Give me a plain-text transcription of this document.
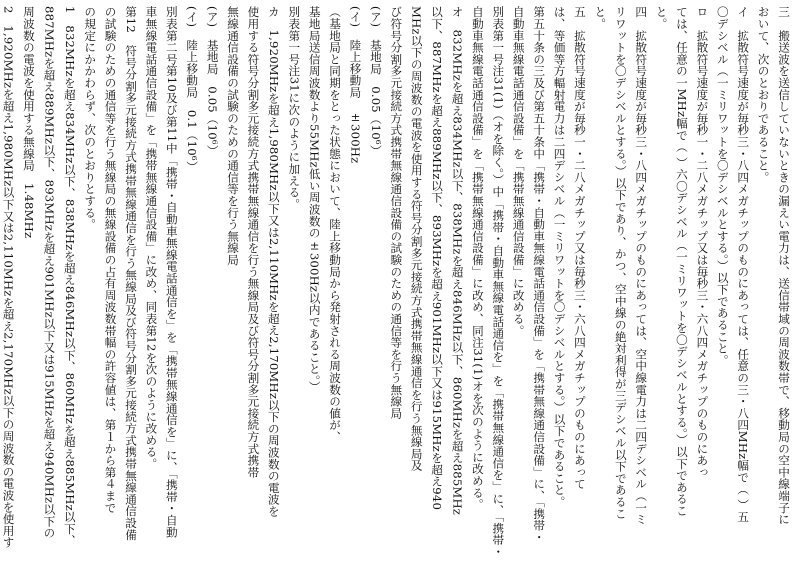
三　搬送波を送信していないときの漏えい電力は、送信帯域の周波数帯で、移動局の空中線端子に
おいて、次のとおりであること。
イ　拡散符号速度が毎秒三・八四メガチップのものにあっては、任意の三・八四MHz幅で（ ）五
〇デシベル（一ミリワットを〇デシベルとする。）以下であること。
ロ　拡散符号速度が毎秒一・二八メガチップ又は毎秒三・六八四メガチップのものにあっ
ては、任意の一MHz幅で（ ）六〇デシベル（一ミリワットを〇デシベルとする。）以下であるこ
と。
四　拡散符号速度が毎秒三・八四メガチップのものにあっては、空中線電力は二四デシベル（一ミ
リワットを〇デシベルとする。）以下であり、かつ、空中線の絶対利得が三デシベル以下であるこ
と。
五　拡散符号速度が毎秒一・二八メガチップ又は毎秒三・六八四メガチップのものにあって
は、等価等方輻射電力は二四デシベル（一ミリワットを〇デシベルとする。）以下であること。
第五十条の三及び第五十条中「携帯・自動車無線電話通信設備」を「携帯無線通信設備」に、「携帯・
自動車無線電話通信設備」を「携帯無線通信設備」に改める。
別表第一号注31(1)（オを除く。）中「携帯・自動車無線電話通信を」を「携帯無線通信を」に、「携帯・
自動車無線電話通信設備」を「携帯無線通信設備」に改め、同注31(1)オを次のように改める。
オ　832MHzを超え834MHz以下、838MHzを超え846MHz以下、860MHzを超え885MHz
以下、887MHzを超え889MHz以下、893MHzを超え901MHz以下又は915MHzを超え940
MHz以下の周波数の電波を使用する符号分割多元接続方式携帯無線通信を行う無線局及
び符号分割多元接続方式携帯無線通信設備の試験のための通信等を行う無線局
(ア)　基地局　0.05（10⁶）
(イ)　陸上移動局　±300Hz
（基地局と同期をとった状態において、陸上移動局から発射される周波数の値が、
基地局送信周波数より55MHz低い周波数の±300Hz以内であること。）
別表第一号注31に次のように加える。
カ　1,920MHzを超え1,980MHz以下又は2,110MHzを超え2,170MHz以下の周波数の電波を
使用する符号分割多元接続方式携帯無線通信を行う無線局及び符号分割多元接続方式携帯
無線通信設備の試験のための通信等を行う無線局
(ア)　基地局　0.05（10⁶）
(イ)　陸上移動局　0.1（10⁶）
別表第二号第10及び第11中「携帯・自動車無線電話通信を」を「携帯無線通信を」に、「携帯・自動
車無線電話通信設備」を「携帯無線通信設備」に改め、同表第12を次のように改める。
第12　符号分割多元接続方式携帯無線通信を行う無線局及び符号分割多元接続方式携帯無線通信設備
の試験のための通信等を行う無線局の無線設備の占有周波数帯幅の許容値は、第１から第４まで
の規定にかかわらず、次のとおりとする。
1　832MHzを超え834MHz以下、838MHzを超え846MHz以下、860MHzを超え885MHz以下、
887MHzを超え889MHz以下、893MHzを超え901MHz以下又は915MHzを超え940MHz以下の
周波数の電波を使用する無線局　1.48MHz
2　1,920MHzを超え1,980MHz以下又は2,110MHzを超え2,170MHz以下の周波数の電波を使用す
